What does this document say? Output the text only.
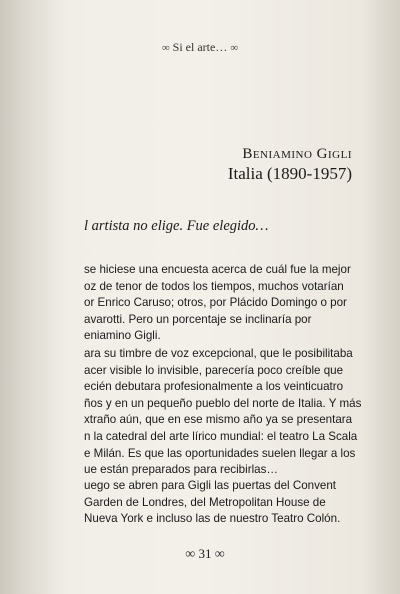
∞ Si el arte… ∞
Beniamino Gigli
Italia (1890-1957)
l artista no elige. Fue elegido…
se hiciese una encuesta acerca de cuál fue la mejor
oz de tenor de todos los tiempos, muchos votarían
or Enrico Caruso; otros, por Plácido Domingo o por
avarotti. Pero un porcentaje se inclinaría por
eniamino Gigli.
ara su timbre de voz excepcional, que le posibilitaba
acer visible lo invisible, parecería poco creíble que
ecién debutara profesionalmente a los veinticuatro
ños y en un pequeño pueblo del norte de Italia. Y más
xtraño aún, que en ese mismo año ya se presentara
n la catedral del arte lírico mundial: el teatro La Scala
e Milán. Es que las oportunidades suelen llegar a los
ue están preparados para recibirlas…
uego se abren para Gigli las puertas del Convent
Garden de Londres, del Metropolitan House de
Nueva York e incluso las de nuestro Teatro Colón.
∞ 31 ∞
